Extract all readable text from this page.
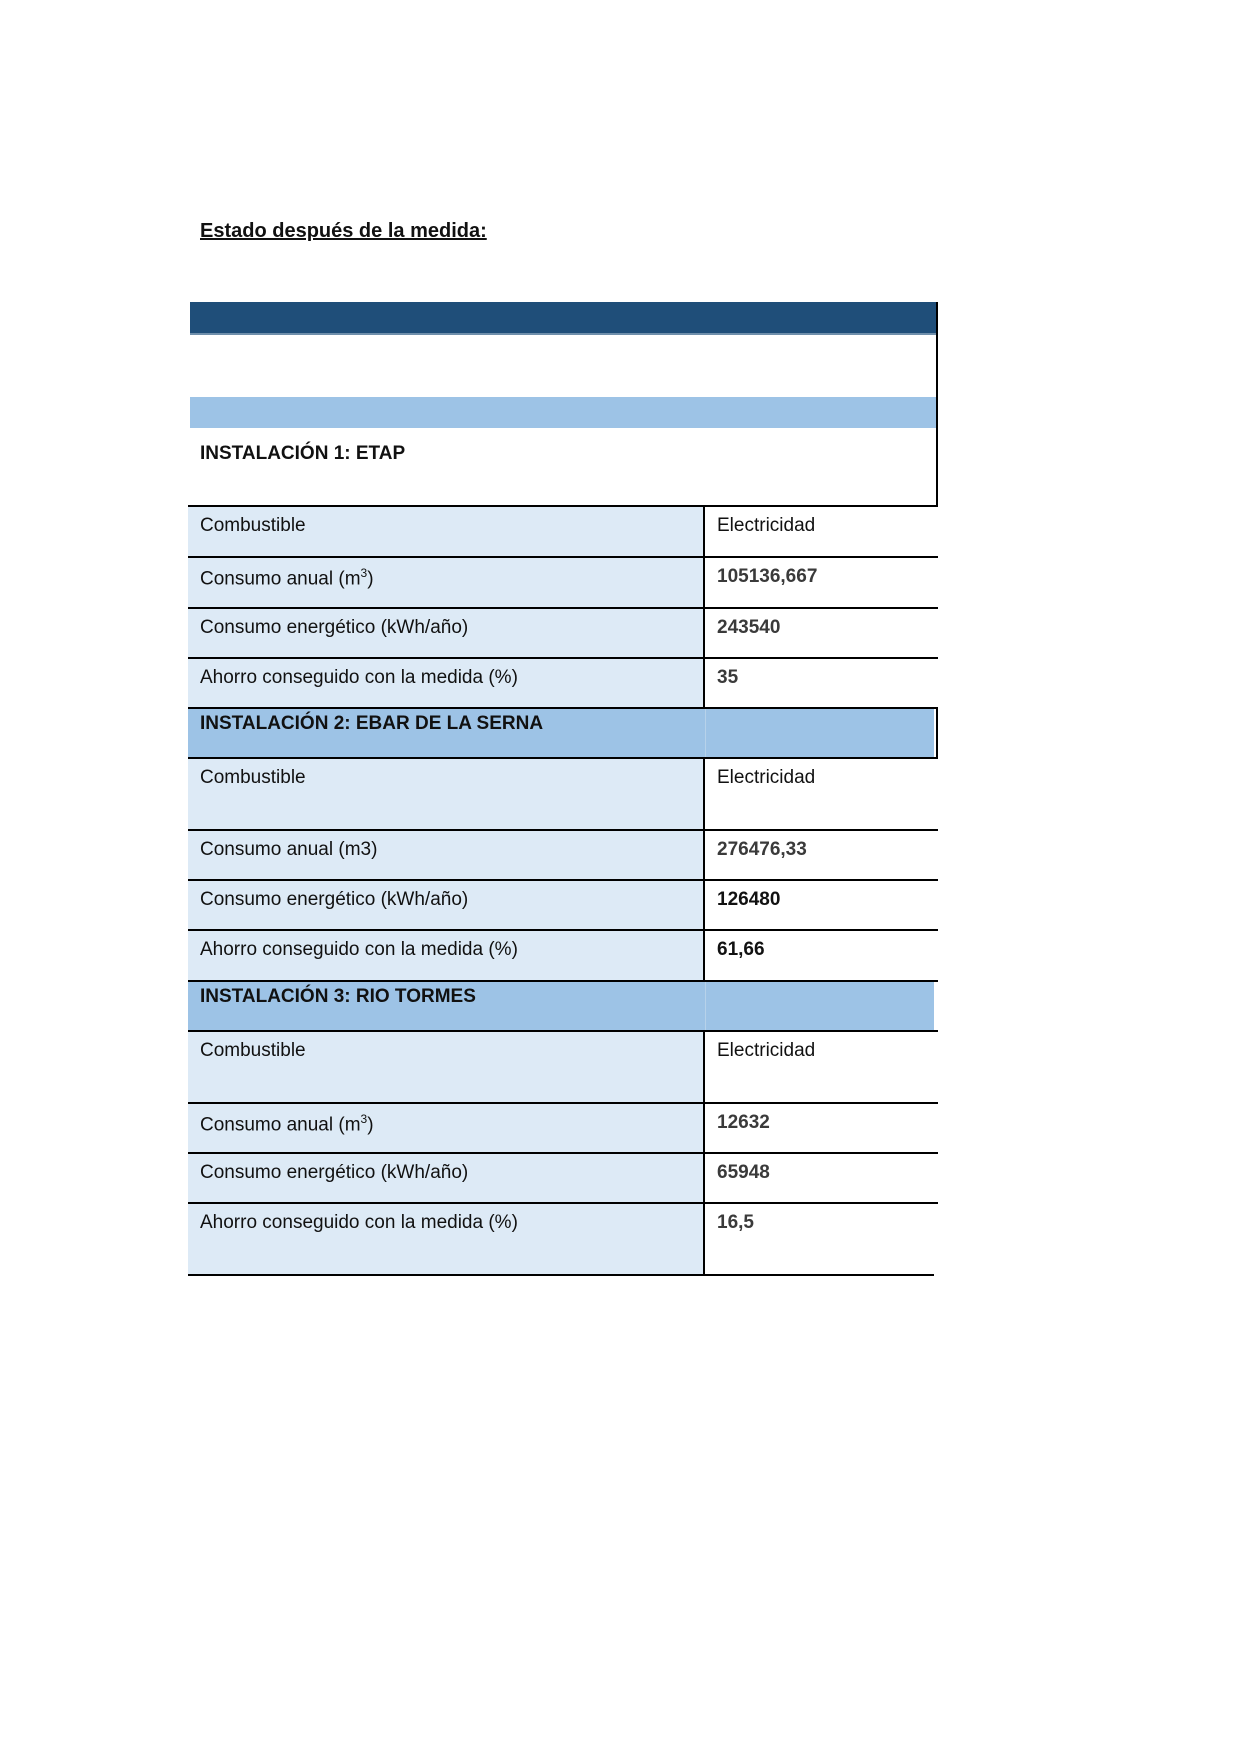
Estado después de la medida:
INSTALACIÓN 1: ETAP
Combustible	Electricidad
Consumo anual $(m^3)$	105136,667
Consumo energético (kWh/año)	243540
Ahorro conseguido con la medida (%)	35
INSTALACIÓN 2: EBAR DE LA SERNA
Combustible	Electricidad
Consumo anual (m3)	276476,33
Consumo energético (kWh/año)	126480
Ahorro conseguido con la medida (%)	61,66
INSTALACIÓN 3: RIO TORMES
Combustible	Electricidad
Consumo anual $(m^3)$	12632
Consumo energético (kWh/año)	65948
Ahorro conseguido con la medida (%)	16,5
